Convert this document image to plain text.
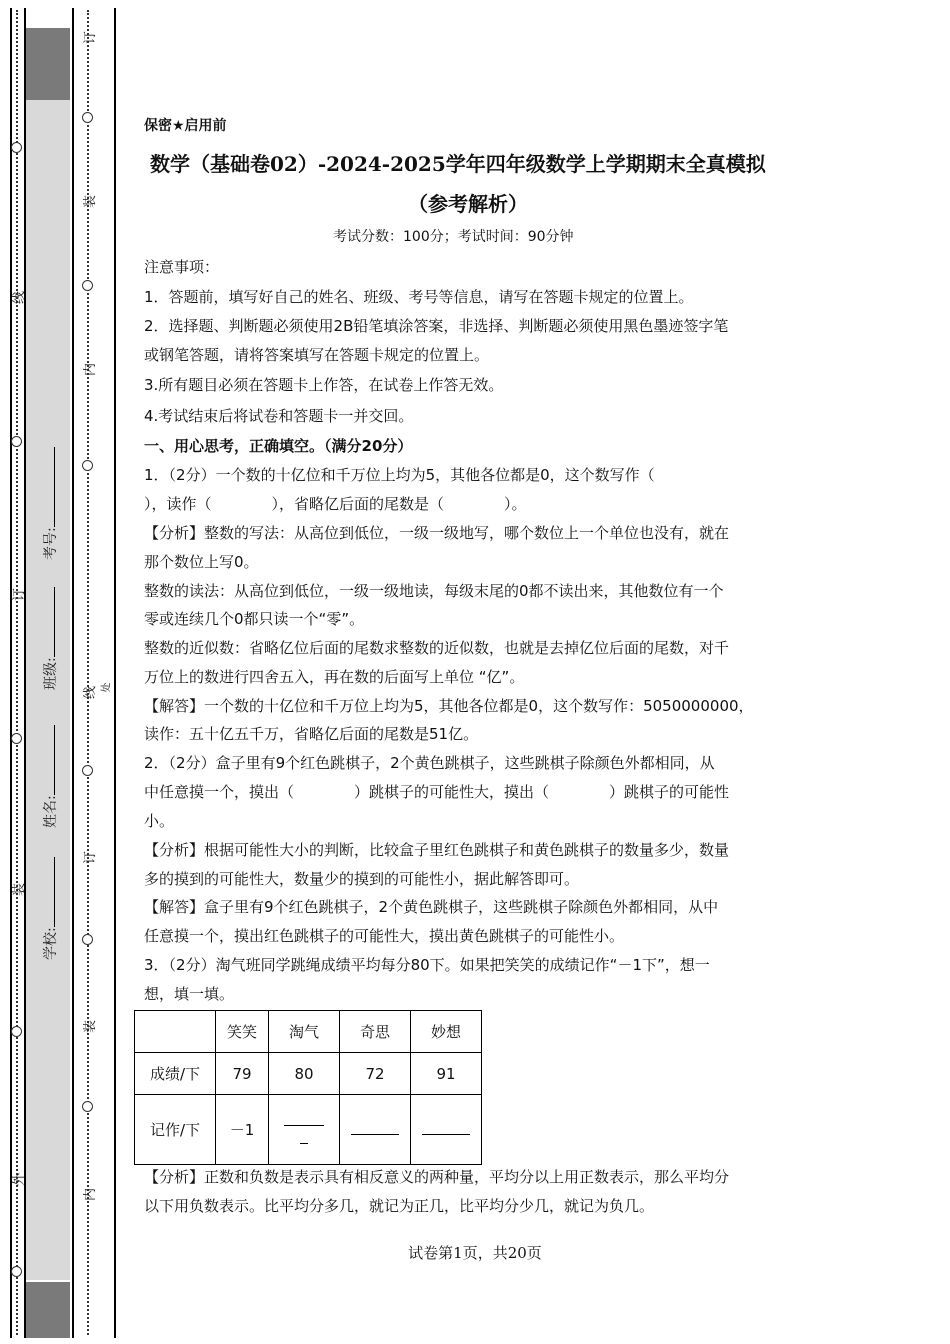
线
订
装
外
订
装
内
线
订
装
内
处
学校:
姓名:
班级:
考号:
保密★启用前
数学（基础卷02）-2024-2025学年四年级数学上学期期末全真模拟
（参考解析）
考试分数：100分；考试时间：90分钟
注意事项：
1．答题前，填写好自己的姓名、班级、考号等信息，请写在答题卡规定的位置上。
2．选择题、判断题必须使用2B铅笔填涂答案，非选择、判断题必须使用黑色墨迹签字笔
或钢笔答题，请将答案填写在答题卡规定的位置上。
3.所有题目必须在答题卡上作答，在试卷上作答无效。
4.考试结束后将试卷和答题卡一并交回。
一、用心思考，正确填空。（满分20分）
1．（2分）一个数的十亿位和千万位上均为5，其他各位都是0，这个数写作（
），读作（　　　　），省略亿后面的尾数是（　　　　）。
【分析】整数的写法：从高位到低位，一级一级地写，哪个数位上一个单位也没有，就在
那个数位上写0。
整数的读法：从高位到低位，一级一级地读，每级末尾的0都不读出来，其他数位有一个
零或连续几个0都只读一个“零”。
整数的近似数：省略亿位后面的尾数求整数的近似数，也就是去掉亿位后面的尾数，对千
万位上的数进行四舍五入，再在数的后面写上单位 “亿”。
【解答】一个数的十亿位和千万位上均为5，其他各位都是0，这个数写作：5050000000，
读作：五十亿五千万，省略亿后面的尾数是51亿。
2．（2分）盒子里有9个红色跳棋子，2个黄色跳棋子，这些跳棋子除颜色外都相同，从
中任意摸一个，摸出（　　　　）跳棋子的可能性大，摸出（　　　　）跳棋子的可能性
小。
【分析】根据可能性大小的判断，比较盒子里红色跳棋子和黄色跳棋子的数量多少，数量
多的摸到的可能性大，数量少的摸到的可能性小，据此解答即可。
【解答】盒子里有9个红色跳棋子，2个黄色跳棋子，这些跳棋子除颜色外都相同，从中
任意摸一个，摸出红色跳棋子的可能性大，摸出黄色跳棋子的可能性小。
3．（2分）淘气班同学跳绳成绩平均每分80下。如果把笑笑的成绩记作“－1下”，想一
想，填一填。
	笑笑	淘气	奇思	妙想
成绩/下	79	80	72	91
记作/下	－1	

【分析】正数和负数是表示具有相反意义的两种量，平均分以上用正数表示，那么平均分
以下用负数表示。比平均分多几，就记为正几，比平均分少几，就记为负几。
试卷第1页，共20页
